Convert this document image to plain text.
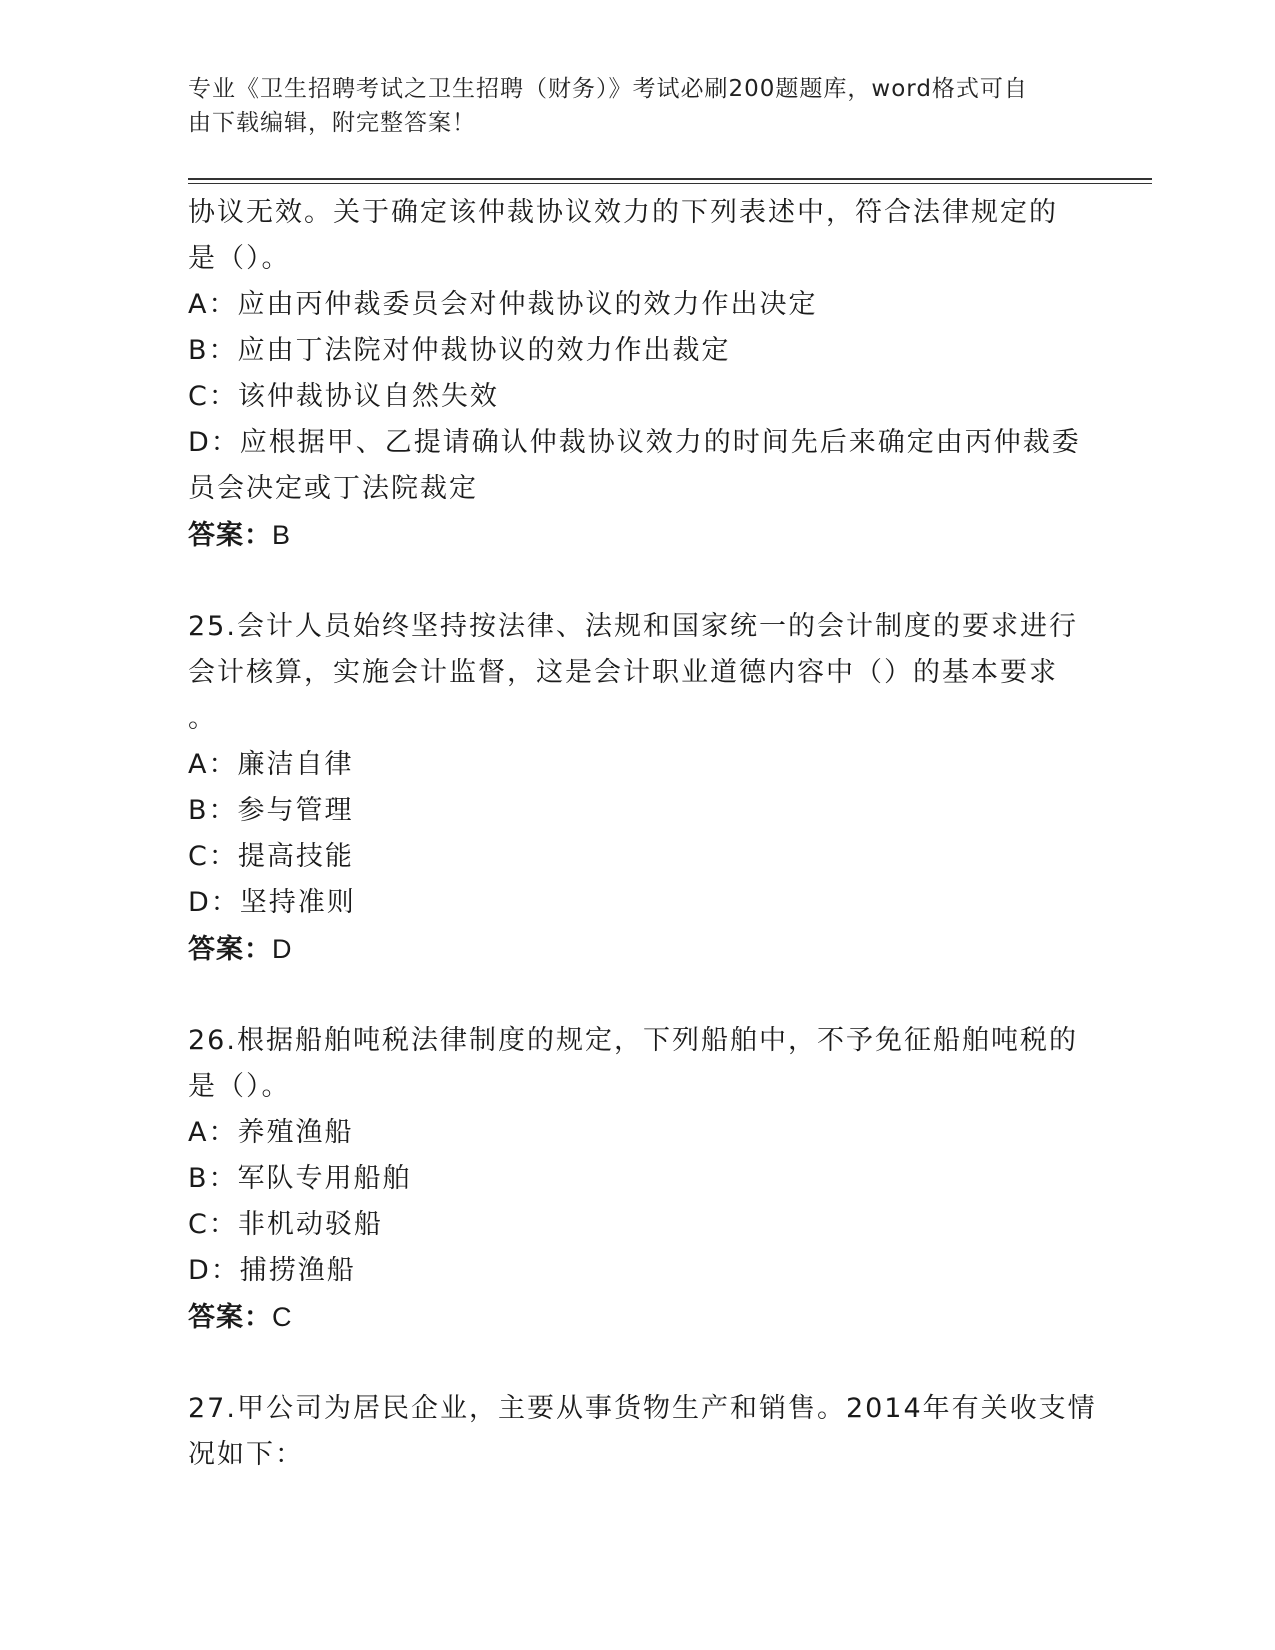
专业《卫生招聘考试之卫生招聘（财务）》考试必刷200题题库，word格式可自
由下载编辑，附完整答案！
协议无效。关于确定该仲裁协议效力的下列表述中，符合法律规定的
是（）。
A：应由丙仲裁委员会对仲裁协议的效力作出决定
B：应由丁法院对仲裁协议的效力作出裁定
C：该仲裁协议自然失效
D：应根据甲、乙提请确认仲裁协议效力的时间先后来确定由丙仲裁委
员会决定或丁法院裁定
答案：B
25.会计人员始终坚持按法律、法规和国家统一的会计制度的要求进行
会计核算，实施会计监督，这是会计职业道德内容中（）的基本要求
。
A：廉洁自律
B：参与管理
C：提高技能
D：坚持准则
答案：D
26.根据船舶吨税法律制度的规定，下列船舶中，不予免征船舶吨税的
是（）。
A：养殖渔船
B：军队专用船舶
C：非机动驳船
D：捕捞渔船
答案：C
27.甲公司为居民企业，主要从事货物生产和销售。2014年有关收支情
况如下：
